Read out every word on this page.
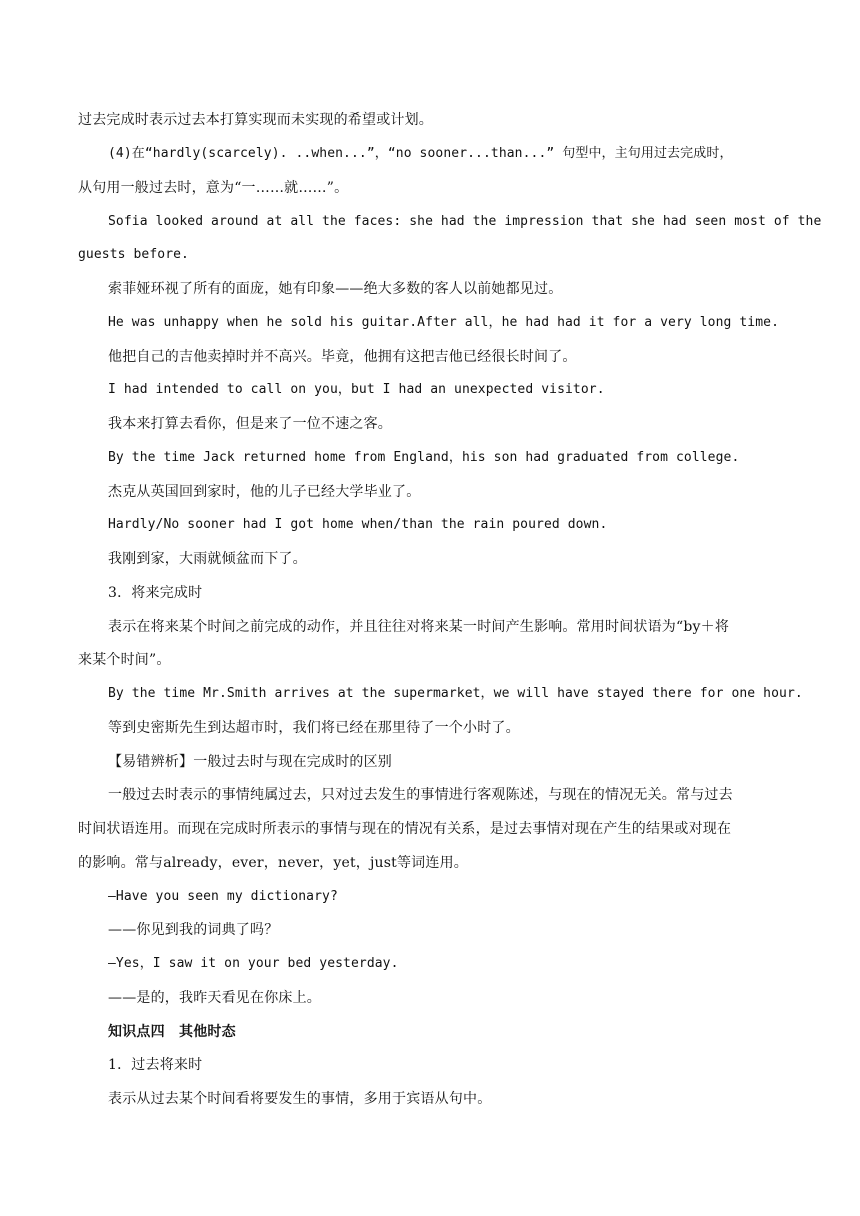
过去完成时表示过去本打算实现而未实现的希望或计划。
(4)在“hardly(scarcely). ..when...”，“no sooner...than...” 句型中，主句用过去完成时，
从句用一般过去时，意为“一……就……”。
Sofia looked around at all the faces: she had the impression that she had seen most of the
guests before.
索菲娅环视了所有的面庞，她有印象——绝大多数的客人以前她都见过。
He was unhappy when he sold his guitar.After all，he had had it for a very long time.
他把自己的吉他卖掉时并不高兴。毕竟，他拥有这把吉他已经很长时间了。
I had intended to call on you，but I had an unexpected visitor.
我本来打算去看你，但是来了一位不速之客。
By the time Jack returned home from England，his son had graduated from college.
杰克从英国回到家时，他的儿子已经大学毕业了。
Hardly/No sooner had I got home when/than the rain poured down.
我刚到家，大雨就倾盆而下了。
3．将来完成时
表示在将来某个时间之前完成的动作，并且往往对将来某一时间产生影响。常用时间状语为“by＋将
来某个时间”。
By the time Mr.Smith arrives at the supermarket，we will have stayed there for one hour.
等到史密斯先生到达超市时，我们将已经在那里待了一个小时了。
【易错辨析】一般过去时与现在完成时的区别
一般过去时表示的事情纯属过去，只对过去发生的事情进行客观陈述，与现在的情况无关。常与过去
时间状语连用。而现在完成时所表示的事情与现在的情况有关系，是过去事情对现在产生的结果或对现在
的影响。常与already，ever，never，yet，just等词连用。
—Have you seen my dictionary?
——你见到我的词典了吗？
—Yes，I saw it on your bed yesterday.
——是的，我昨天看见在你床上。
知识点四　其他时态
1．过去将来时
表示从过去某个时间看将要发生的事情，多用于宾语从句中。
